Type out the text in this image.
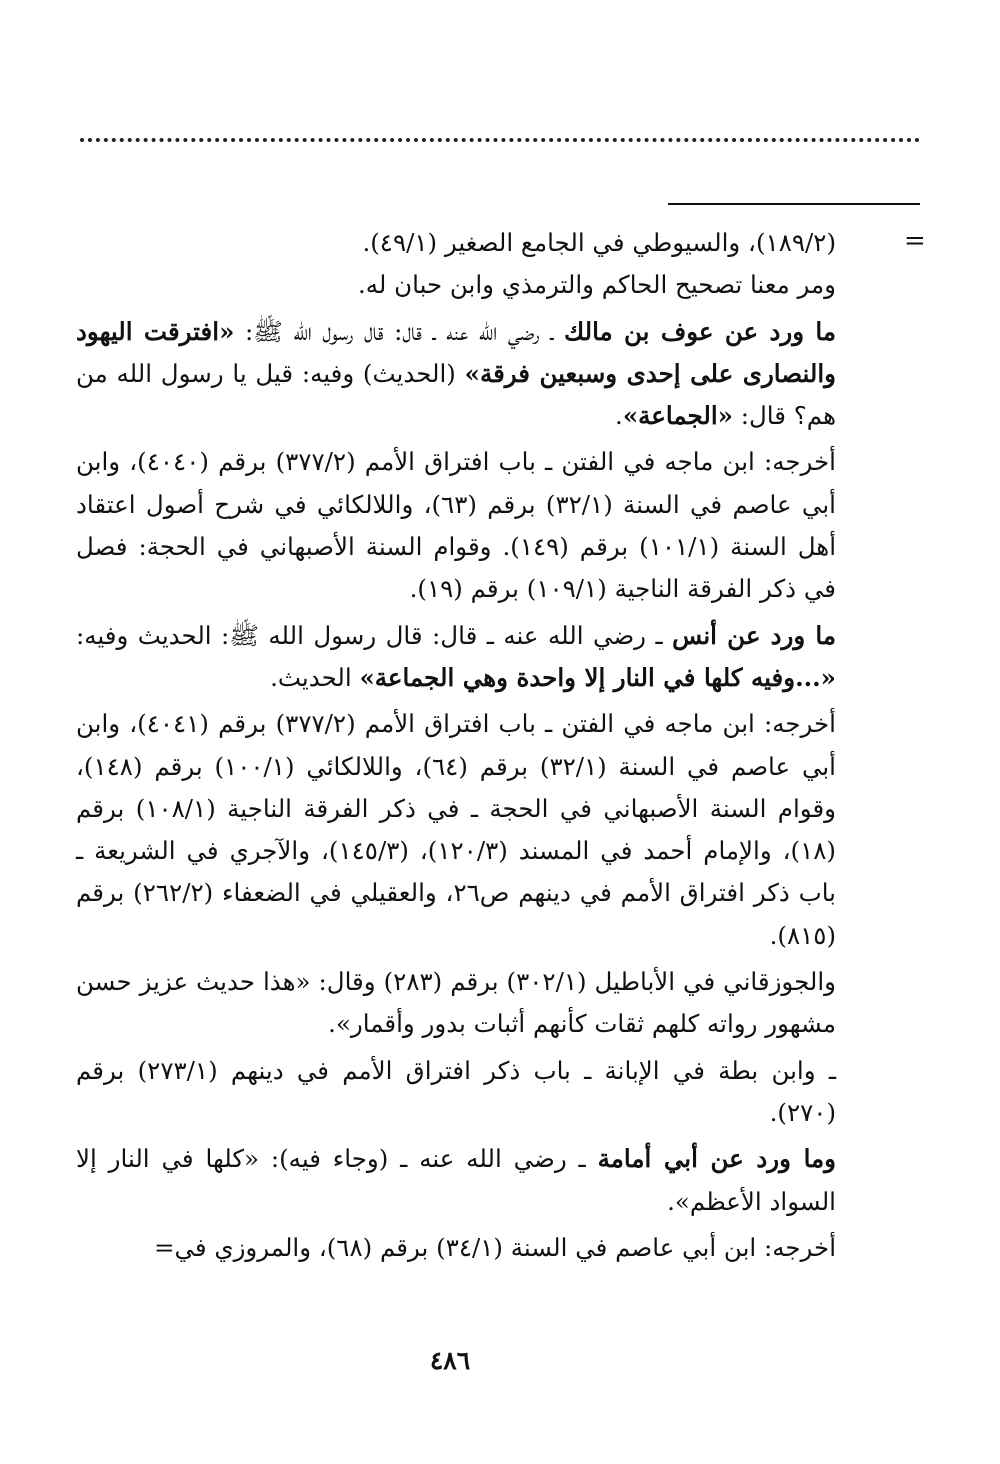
=

(١٨٩/٢)، والسيوطي في الجامع الصغير (٤٩/١).

ومر معنا تصحيح الحاكم والترمذي وابن حبان له.

ما ورد عن عوف بن مالك ـ رضي الله عنه ـ قال: قال رسول الله ﷺ: «افترقت اليهود والنصارى على إحدى وسبعين فرقة» (الحديث) وفيه: قيل يا رسول الله من هم؟ قال: «الجماعة».

أخرجه: ابن ماجه في الفتن ـ باب افتراق الأمم (٣٧٧/٢) برقم (٤٠٤٠)، وابن أبي عاصم في السنة (٣٢/١) برقم (٦٣)، واللالكائي في شرح أصول اعتقاد أهل السنة (١٠١/١) برقم (١٤٩). وقوام السنة الأصبهاني في الحجة: فصل في ذكر الفرقة الناجية (١٠٩/١) برقم (١٩).

ما ورد عن أنس ـ رضي الله عنه ـ قال: قال رسول الله ﷺ: الحديث وفيه: «...وفيه كلها في النار إلا واحدة وهي الجماعة» الحديث.

أخرجه: ابن ماجه في الفتن ـ باب افتراق الأمم (٣٧٧/٢) برقم (٤٠٤١)، وابن أبي عاصم في السنة (٣٢/١) برقم (٦٤)، واللالكائي (١٠٠/١) برقم (١٤٨)، وقوام السنة الأصبهاني في الحجة ـ في ذكر الفرقة الناجية (١٠٨/١) برقم (١٨)، والإمام أحمد في المسند (١٢٠/٣)، (١٤٥/٣)، والآجري في الشريعة ـ باب ذكر افتراق الأمم في دينهم ص٢٦، والعقيلي في الضعفاء (٢٦٢/٢) برقم (٨١٥).

والجوزقاني في الأباطيل (٣٠٢/١) برقم (٢٨٣) وقال: «هذا حديث عزيز حسن مشهور رواته كلهم ثقات كأنهم أثبات بدور وأقمار».

ـ وابن بطة في الإبانة ـ باب ذكر افتراق الأمم في دينهم (٢٧٣/١) برقم (٢٧٠).

وما ورد عن أبي أمامة ـ رضي الله عنه ـ (وجاء فيه): «كلها في النار إلا السواد الأعظم».

أخرجه: ابن أبي عاصم في السنة (٣٤/١) برقم (٦٨)، والمروزي في=

٤٨٦
